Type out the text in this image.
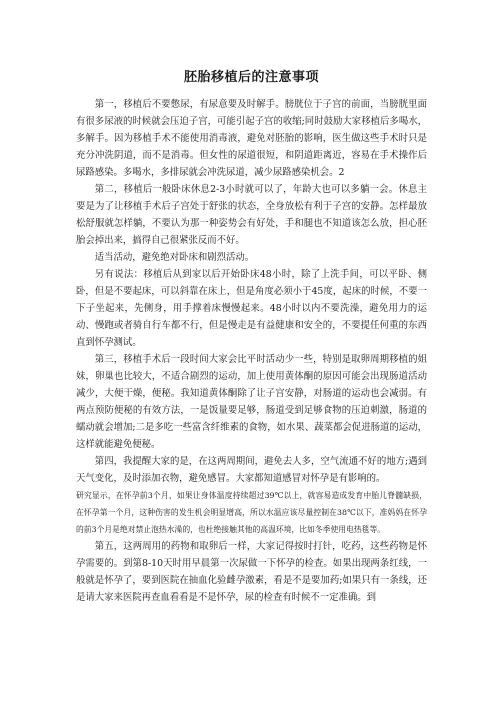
胚胎移植后的注意事项

第一，移植后不要憋尿，有尿意要及时解手。膀胱位于子宫的前面，当膀胱里面有很多尿液的时候就会压迫子宫，可能引起子宫的收缩;同时鼓励大家移植后多喝水，多解手。因为移植手术不能使用消毒液，避免对胚胎的影响，医生做这些手术时只是充分冲洗阴道，而不是消毒。但女性的尿道很短，和阴道距离近，容易在手术操作后尿路感染。多喝水，多排尿就会冲洗尿道，减少尿路感染机会。2

第二，移植后一般卧床休息2-3小时就可以了，年龄大也可以多躺一会。休息主要是为了让移植手术后子宫处于舒张的状态，全身放松有利于子宫的安静。怎样最放松舒服就怎样躺，不要认为那一种姿势会有好处，手和腿也不知道该怎么放，担心胚胎会掉出来，搞得自己很紧张反而不好。

适当活动，避免绝对卧床和剧烈活动。

另有说法：移植后从到家以后开始卧床48小时，除了上洗手间，可以平卧、侧卧，但是不要起床，可以斜靠在床上，但是角度必须小于45度，起床的时候，不要一下子坐起来，先侧身，用手撑着床慢慢起来。48小时以内不要洗澡，避免用力的运动、慢跑或者骑自行车都不行，但是慢走是有益健康和安全的，不要提任何重的东西直到怀孕测试。

第三，移植手术后一段时间大家会比平时活动少一些，特别是取卵周期移植的姐妹，卵巢也比较大，不适合剧烈的运动，加上使用黄体酮的原因可能会出现肠道活动减少，大便干燥，便秘。我知道黄体酮除了让子宫安静，对肠道的运动也会减弱。有两点预防便秘的有效方法，一是饭量要足够，肠道受到足够食物的压迫刺激，肠道的蠕动就会增加;二是多吃一些富含纤维素的食物，如水果、蔬菜都会促进肠道的运动，这样就能避免便秘。

第四，我提醒大家的是，在这两周期间，避免去人多，空气流通不好的地方;遇到天气变化，及时添加衣物，避免感冒。大家都知道感冒对怀孕是有影响的。

研究显示，在怀孕前3个月，如果让身体温度持续超过39℃以上，就容易造成发育中胎儿脊髓缺损，在怀孕第一个月，这种伤害的发生机会明显增高，所以水温应该尽量控制在38℃以下，准妈妈在怀孕的前3个月是绝对禁止泡热水澡的，也杜绝接触其他的高温环境，比如冬季使用电热毯等。

第五，这两周用的药物和取卵后一样，大家记得按时打针，吃药，这些药物是怀孕需要的。到第8-10天时用早晨第一次尿做一下怀孕的检查。如果出现两条红线，一般就是怀孕了，要到医院在抽血化验雌孕激素，看是不是要加药;如果只有一条线，还是请大家来医院再查血看看是不是怀孕，尿的检查有时候不一定准确。到
